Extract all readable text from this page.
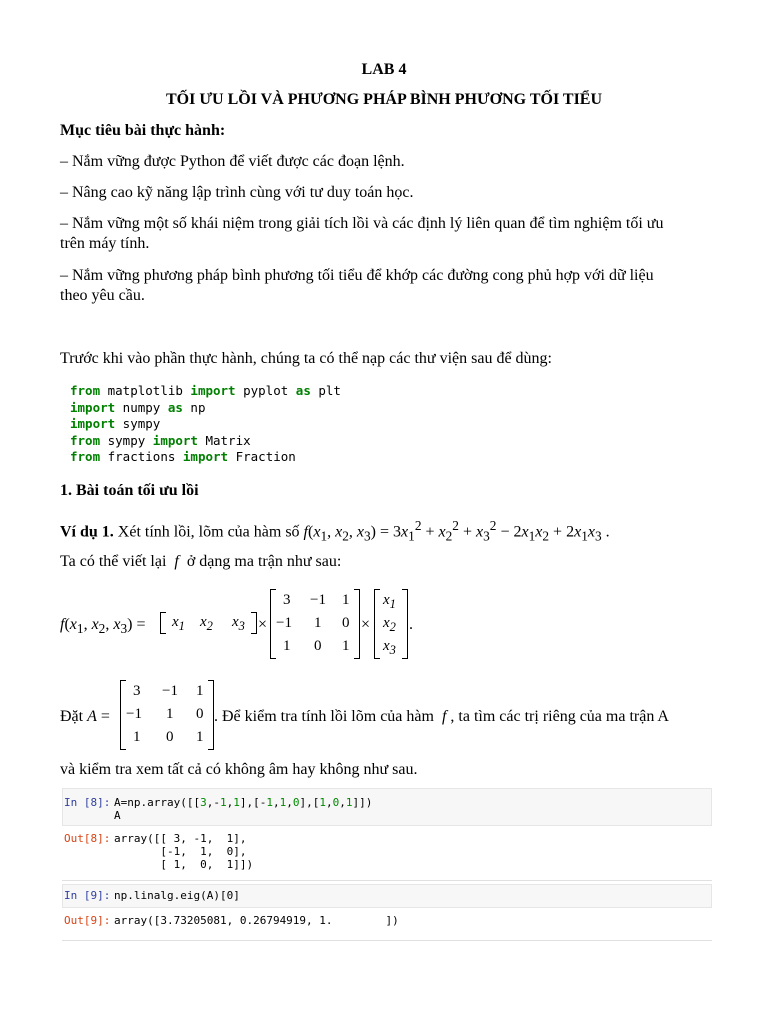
LAB 4
TỐI ƯU LỒI VÀ PHƯƠNG PHÁP BÌNH PHƯƠNG TỐI TIỂU
Mục tiêu bài thực hành:
– Nắm vững được Python để viết được các đoạn lệnh.
– Nâng cao kỹ năng lập trình cùng với tư duy toán học.
– Nắm vững một số khái niệm trong giải tích lồi và các định lý liên quan để tìm nghiệm tối ưu
trên máy tính.
– Nắm vững phương pháp bình phương tối tiểu để khớp các đường cong phủ hợp với dữ liệu
theo yêu cầu.
Trước khi vào phần thực hành, chúng ta có thể nạp các thư viện sau để dùng:
from matplotlib import pyplot as plt
import numpy as np
import sympy
from sympy import Matrix
from fractions import Fraction
1. Bài toán tối ưu lồi
Ví dụ 1. Xét tính lồi, lõm của hàm số $f(x_1$, $x_2$, $x_3) = 3x_1^2 + x_2^2 + x_3^2 - 2x_1x_2 + 2x_1x_3$ .
Ta có thể viết lại f ở dạng ma trận như sau:
$f(x_1$, $x_2$, $x_3) = x_1$ $x_2$ $x_3$ ×
3 −1 1
−1 1 0
1 0 1
×
$x_1$
$x_2$
$x_3$
.
Đặt A =
3 −1 1
−1 1 0
1 0 1
. Để kiểm tra tính lồi lõm của hàm f , ta tìm các trị riêng của ma trận A
và kiểm tra xem tất cả có không âm hay không như sau.
In [8]: A=np.array([[3,-1,1],[-1,1,0],[1,0,1]])
A
Out[8]: array([[ 3, -1,  1],
[-1,  1,  0],
[ 1,  0,  1]])
In [9]: np.linalg.eig(A)[0]
Out[9]: array([3.73205081, 0.26794919, 1.        ])
